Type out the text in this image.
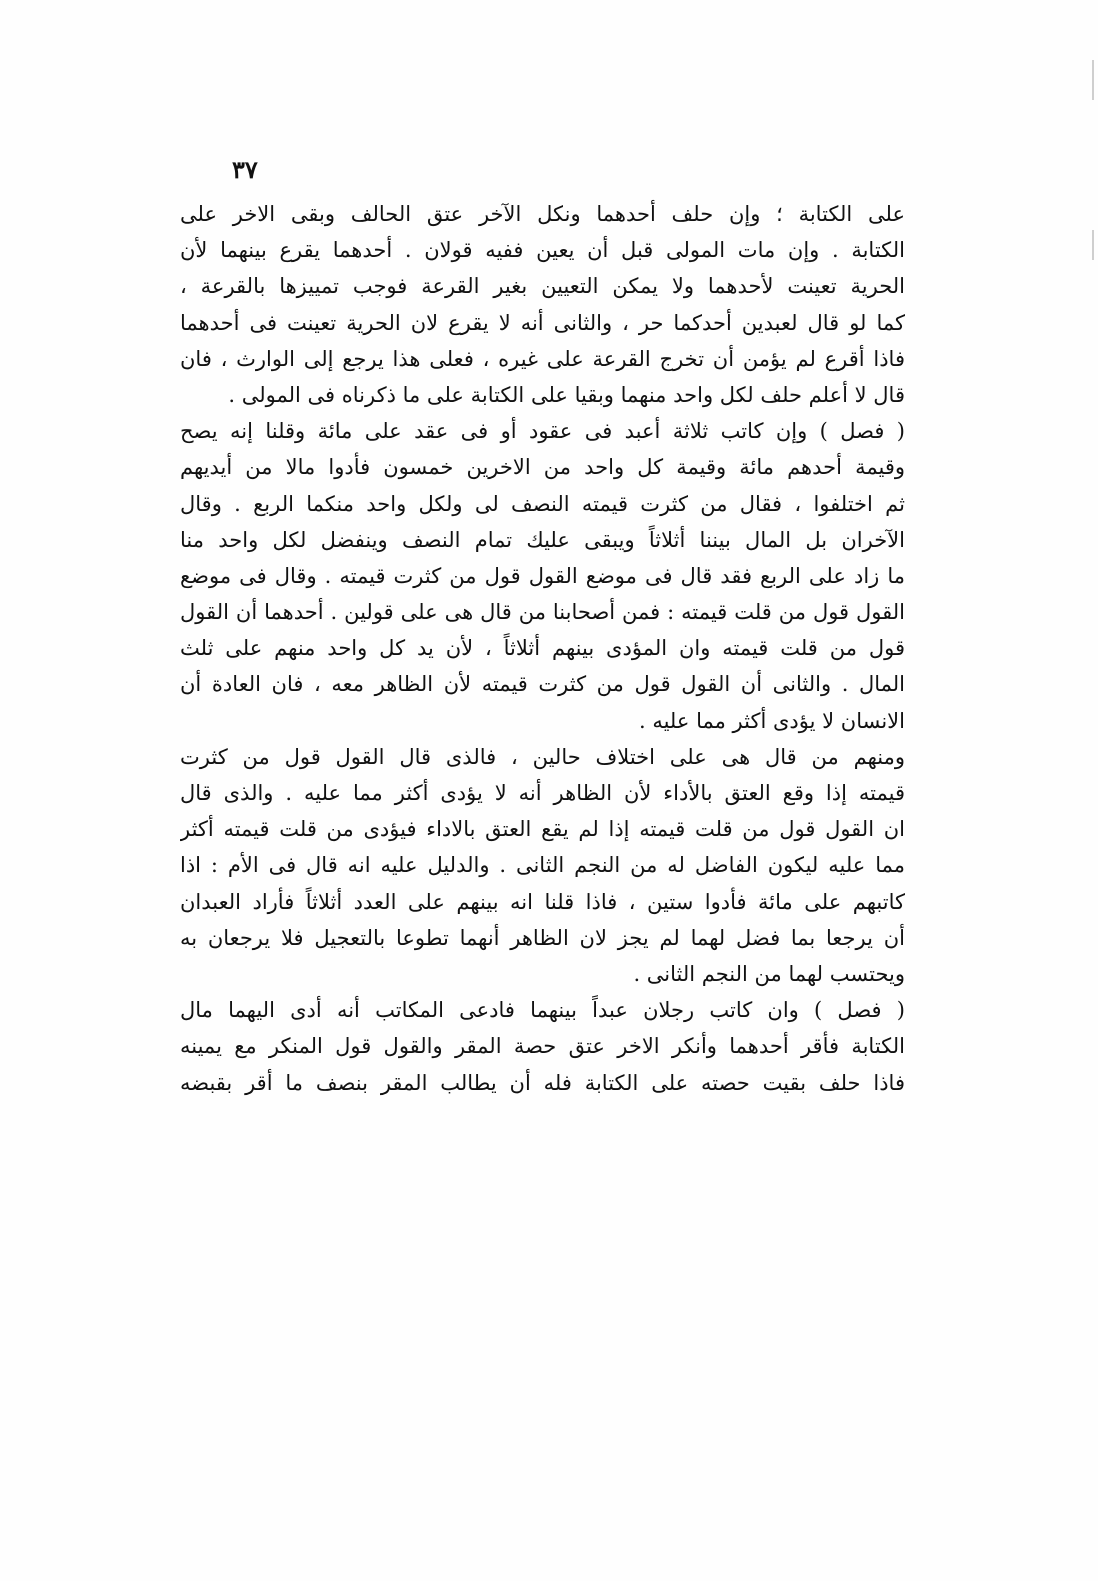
٣٧
على الكتابة ؛ وإن حلف أحدهما ونكل الآخر عتق الحالف وبقى الاخر على
الكتابة . وإن مات المولى قبل أن يعين ففيه قولان . أحدهما يقرع بينهما لأن
الحرية تعينت لأحدهما ولا يمكن التعيين بغير القرعة فوجب تمييزها بالقرعة ،
كما لو قال لعبدين أحدكما حر ، والثانى أنه لا يقرع لان الحرية تعينت فى أحدهما
فاذا أقرع لم يؤمن أن تخرج القرعة على غيره ، فعلى هذا يرجع إلى الوارث ، فان
قال لا أعلم حلف لكل واحد منهما وبقيا على الكتابة على ما ذكرناه فى المولى .
( فصل ) وإن كاتب ثلاثة أعبد فى عقود أو فى عقد على مائة وقلنا إنه يصح
وقيمة أحدهم مائة وقيمة كل واحد من الاخرين خمسون فأدوا مالا من أيديهم
ثم اختلفوا ، فقال من كثرت قيمته النصف لى ولكل واحد منكما الربع . وقال
الآخران بل المال بيننا أثلاثاً ويبقى عليك تمام النصف وينفضل لكل واحد منا
ما زاد على الربع فقد قال فى موضع القول قول من كثرت قيمته . وقال فى موضع
القول قول من قلت قيمته : فمن أصحابنا من قال هى على قولين . أحدهما أن القول
قول من قلت قيمته وان المؤدى بينهم أثلاثاً ، لأن يد كل واحد منهم على ثلث
المال . والثانى أن القول قول من كثرت قيمته لأن الظاهر معه ، فان العادة أن
الانسان لا يؤدى أكثر مما عليه .
ومنهم من قال هى على اختلاف حالين ، فالذى قال القول قول من كثرت
قيمته إذا وقع العتق بالأداء لأن الظاهر أنه لا يؤدى أكثر مما عليه . والذى قال
ان القول قول من قلت قيمته إذا لم يقع العتق بالاداء فيؤدى من قلت قيمته أكثر
مما عليه ليكون الفاضل له من النجم الثانى . والدليل عليه انه قال فى الأم : اذا
كاتبهم على مائة فأدوا ستين ، فاذا قلنا انه بينهم على العدد أثلاثاً فأراد العبدان
أن يرجعا بما فضل لهما لم يجز لان الظاهر أنهما تطوعا بالتعجيل فلا يرجعان به
ويحتسب لهما من النجم الثانى .
( فصل ) وان كاتب رجلان عبداً بينهما فادعى المكاتب أنه أدى اليهما مال
الكتابة فأقر أحدهما وأنكر الاخر عتق حصة المقر والقول قول المنكر مع يمينه
فاذا حلف بقيت حصته على الكتابة فله أن يطالب المقر بنصف ما أقر بقبضه
